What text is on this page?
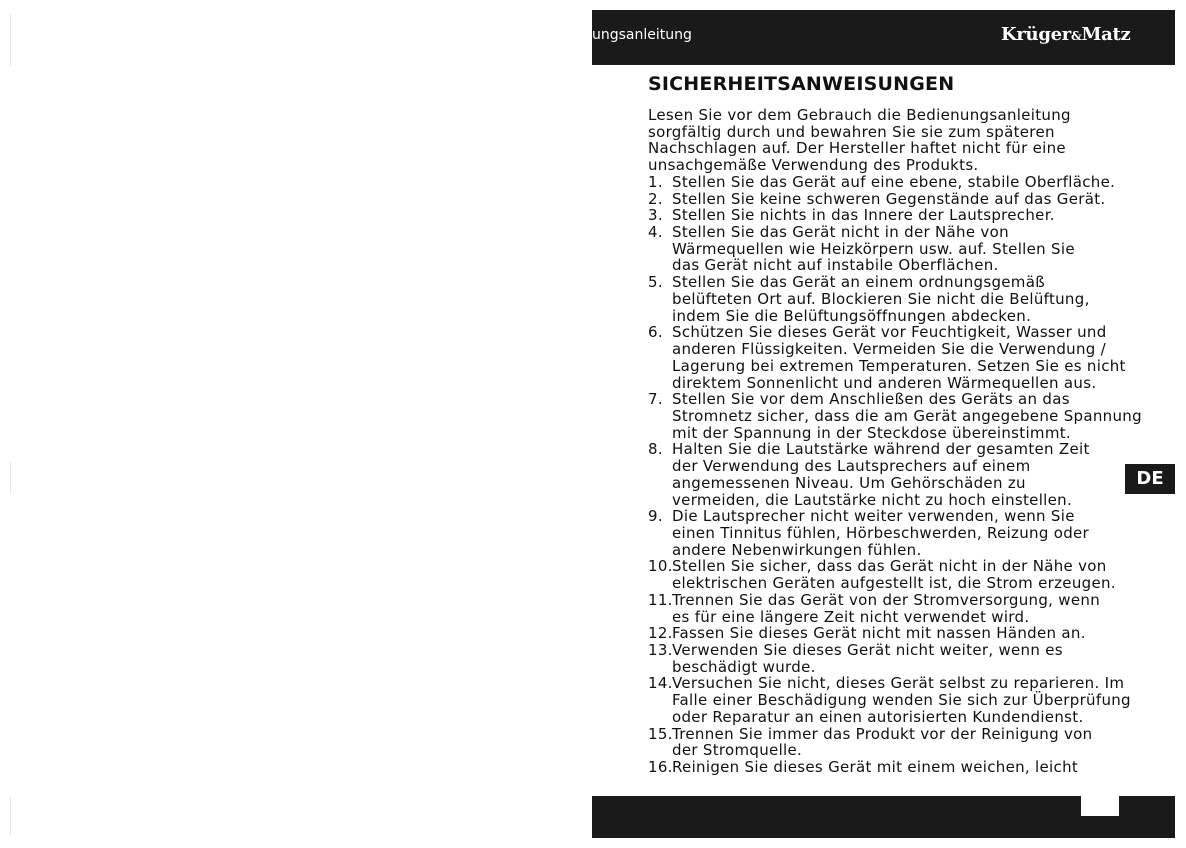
ungsanleitung	Krüger&Matz
SICHERHEITSANWEISUNGEN
Lesen Sie vor dem Gebrauch die Bedienungsanleitung
sorgfältig durch und bewahren Sie sie zum späteren
Nachschlagen auf. Der Hersteller haftet nicht für eine
unsachgemäße Verwendung des Produkts.
1. Stellen Sie das Gerät auf eine ebene, stabile Oberfläche.
2. Stellen Sie keine schweren Gegenstände auf das Gerät.
3. Stellen Sie nichts in das Innere der Lautsprecher.
4. Stellen Sie das Gerät nicht in der Nähe von
Wärmequellen wie Heizkörpern usw. auf. Stellen Sie
das Gerät nicht auf instabile Oberflächen.
5. Stellen Sie das Gerät an einem ordnungsgemäß
belüfteten Ort auf. Blockieren Sie nicht die Belüftung,
indem Sie die Belüftungsöffnungen abdecken.
6. Schützen Sie dieses Gerät vor Feuchtigkeit, Wasser und
anderen Flüssigkeiten. Vermeiden Sie die Verwendung /
Lagerung bei extremen Temperaturen. Setzen Sie es nicht
direktem Sonnenlicht und anderen Wärmequellen aus.
7. Stellen Sie vor dem Anschließen des Geräts an das
Stromnetz sicher, dass die am Gerät angegebene Spannung
mit der Spannung in der Steckdose übereinstimmt.
8. Halten Sie die Lautstärke während der gesamten Zeit
der Verwendung des Lautsprechers auf einem
angemessenen Niveau. Um Gehörschäden zu
vermeiden, die Lautstärke nicht zu hoch einstellen.
9. Die Lautsprecher nicht weiter verwenden, wenn Sie
einen Tinnitus fühlen, Hörbeschwerden, Reizung oder
andere Nebenwirkungen fühlen.
10. Stellen Sie sicher, dass das Gerät nicht in der Nähe von
elektrischen Geräten aufgestellt ist, die Strom erzeugen.
11. Trennen Sie das Gerät von der Stromversorgung, wenn
es für eine längere Zeit nicht verwendet wird.
12. Fassen Sie dieses Gerät nicht mit nassen Händen an.
13. Verwenden Sie dieses Gerät nicht weiter, wenn es
beschädigt wurde.
14. Versuchen Sie nicht, dieses Gerät selbst zu reparieren. Im
Falle einer Beschädigung wenden Sie sich zur Überprüfung
oder Reparatur an einen autorisierten Kundendienst.
15. Trennen Sie immer das Produkt vor der Reinigung von
der Stromquelle.
16. Reinigen Sie dieses Gerät mit einem weichen, leicht
DE
